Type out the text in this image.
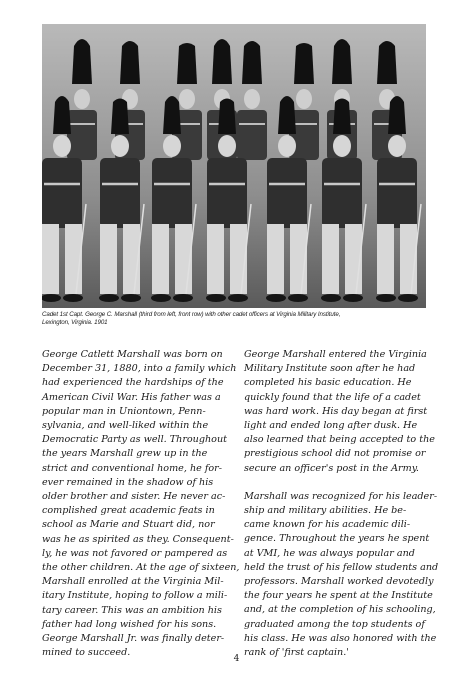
Cadet 1st Capt. George C. Marshall (third from left, front row) with other cadet officers at Virginia Military Institute,
Lexington, Virginia. 1901
George Catlett Marshall was born on
December 31, 1880, into a family which
had experienced the hardships of the
American Civil War. His father was a
popular man in Uniontown, Penn-
sylvania, and well-liked within the
Democratic Party as well. Throughout
the years Marshall grew up in the
strict and conventional home, he for-
ever remained in the shadow of his
older brother and sister. He never ac-
complished great academic feats in
school as Marie and Stuart did, nor
was he as spirited as they. Consequent-
ly, he was not favored or pampered as
the other children. At the age of sixteen,
Marshall enrolled at the Virginia Mil-
itary Institute, hoping to follow a mili-
tary career. This was an ambition his
father had long wished for his sons.
George Marshall Jr. was finally deter-
mined to succeed.
George Marshall entered the Virginia
Military Institute soon after he had
completed his basic education. He
quickly found that the life of a cadet
was hard work. His day began at first
light and ended long after dusk. He
also learned that being accepted to the
prestigious school did not promise or
secure an officer's post in the Army.
Marshall was recognized for his leader-
ship and military abilities. He be-
came known for his academic dili-
gence. Throughout the years he spent
at VMI, he was always popular and
held the trust of his fellow students and
professors. Marshall worked devotedly
the four years he spent at the Institute
and, at the completion of his schooling,
graduated among the top students of
his class. He was also honored with the
rank of 'first captain.'
4
